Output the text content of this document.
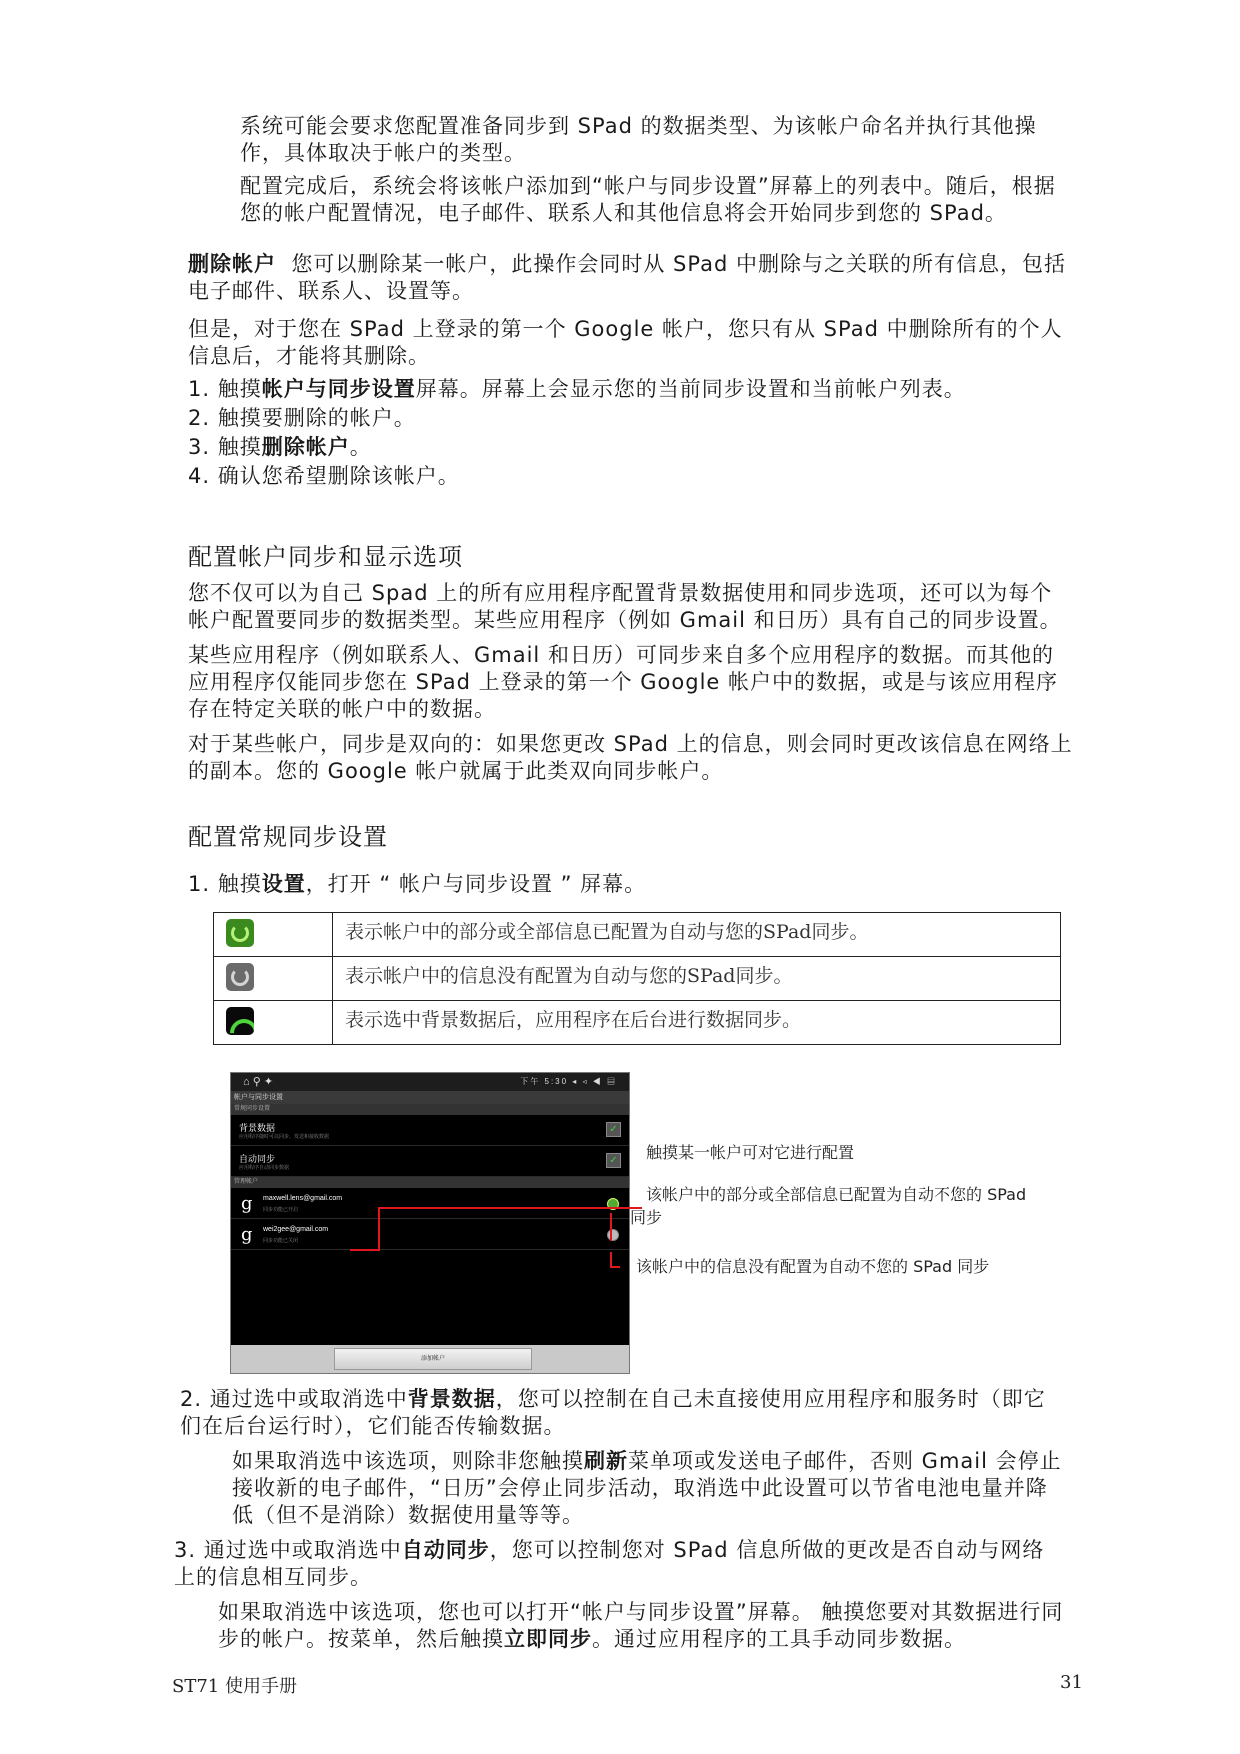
系统可能会要求您配置准备同步到 SPad 的数据类型、为该帐户命名并执行其他操作，具体取决于帐户的类型。

配置完成后，系统会将该帐户添加到“帐户与同步设置”屏幕上的列表中。随后，根据您的帐户配置情况，电子邮件、联系人和其他信息将会开始同步到您的 SPad。

删除帐户 您可以删除某一帐户，此操作会同时从 SPad 中删除与之关联的所有信息，包括电子邮件、联系人、设置等。

但是，对于您在 SPad 上登录的第一个 Google 帐户，您只有从 SPad 中删除所有的个人信息后，才能将其删除。

1. 触摸帐户与同步设置屏幕。屏幕上会显示您的当前同步设置和当前帐户列表。

2. 触摸要删除的帐户。

3. 触摸删除帐户。

4. 确认您希望删除该帐户。

配置帐户同步和显示选项

您不仅可以为自己 Spad 上的所有应用程序配置背景数据使用和同步选项，还可以为每个帐户配置要同步的数据类型。某些应用程序（例如 Gmail 和日历）具有自己的同步设置。

某些应用程序（例如联系人、Gmail 和日历）可同步来自多个应用程序的数据。而其他的应用程序仅能同步您在 SPad 上登录的第一个 Google 帐户中的数据，或是与该应用程序存在特定关联的帐户中的数据。

对于某些帐户，同步是双向的：如果您更改 SPad 上的信息，则会同时更改该信息在网络上的副本。您的 Google 帐户就属于此类双向同步帐户。

配置常规同步设置

1. 触摸设置，打开 “ 帐户与同步设置 ” 屏幕。

	表示帐户中的部分或全部信息已配置为自动与您的SPad同步。
	表示帐户中的信息没有配置为自动与您的SPad同步。
	表示选中背景数据后，应用程序在后台进行数据同步。
⌂ ⚲ ✦	下午 5:30 ◂ ◃ ◀ ▤
帐户与同步设置
常规同步设置
背景数据
应用程序随时可以同步、发送和接收数据
✓
自动同步
应用程序自动同步数据
✓
管理帐户
g maxwell.lens@gmail.com
同步功能已开启
g wei2gee@gmail.com
同步功能已关闭
添加帐户
触摸某一帐户可对它进行配置
该帐户中的部分或全部信息已配置为自动不您的 SPad
同步
该帐户中的信息没有配置为自动不您的 SPad 同步

2. 通过选中或取消选中背景数据，您可以控制在自己未直接使用应用程序和服务时（即它们在后台运行时），它们能否传输数据。

如果取消选中该选项，则除非您触摸刷新菜单项或发送电子邮件，否则 Gmail 会停止接收新的电子邮件，“日历”会停止同步活动，取消选中此设置可以节省电池电量并降低（但不是消除）数据使用量等等。

3. 通过选中或取消选中自动同步，您可以控制您对 SPad 信息所做的更改是否自动与网络上的信息相互同步。

如果取消选中该选项，您也可以打开“帐户与同步设置”屏幕。 触摸您要对其数据进行同步的帐户。按菜单，然后触摸立即同步。通过应用程序的工具手动同步数据。

ST71 使用手册	31
